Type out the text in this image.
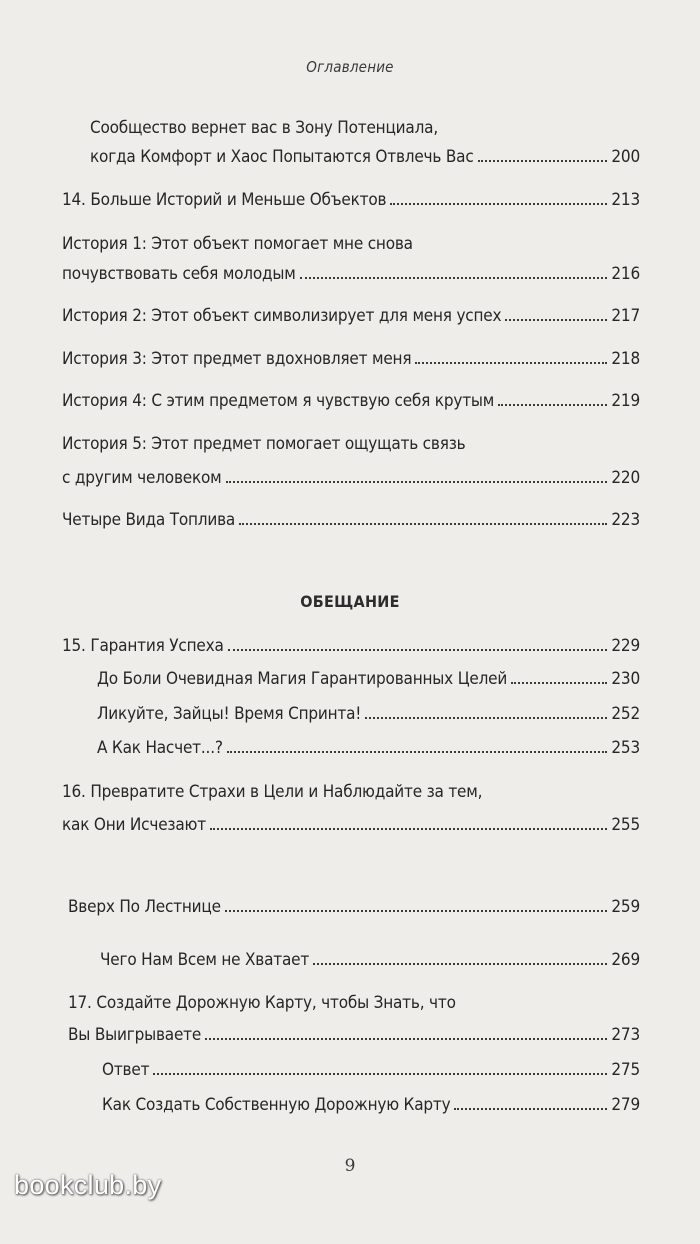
Оглавление
Сообщество вернет вас в Зону Потенциала,
когда Комфорт и Хаос Попытаются Отвлечь Вас	200
14. Больше Историй и Меньше Объектов	213
История 1: Этот объект помогает мне снова
почувствовать себя молодым	216
История 2: Этот объект символизирует для меня успех	217
История 3: Этот предмет вдохновляет меня	218
История 4: С этим предметом я чувствую себя крутым	219
История 5: Этот предмет помогает ощущать связь
с другим человеком	220
Четыре Вида Топлива	223
ОБЕЩАНИЕ
15. Гарантия Успеха	229
До Боли Очевидная Магия Гарантированных Целей	230
Ликуйте, Зайцы! Время Спринта!	252
А Как Насчет...?	253
16. Превратите Страхи в Цели и Наблюдайте за тем,
как Они Исчезают	255
Вверх По Лестнице	259
Чего Нам Всем не Хватает	269
17. Создайте Дорожную Карту, чтобы Знать, что
Вы Выигрываете	273
Ответ	275
Как Создать Собственную Дорожную Карту	279
9
bookclub.by
